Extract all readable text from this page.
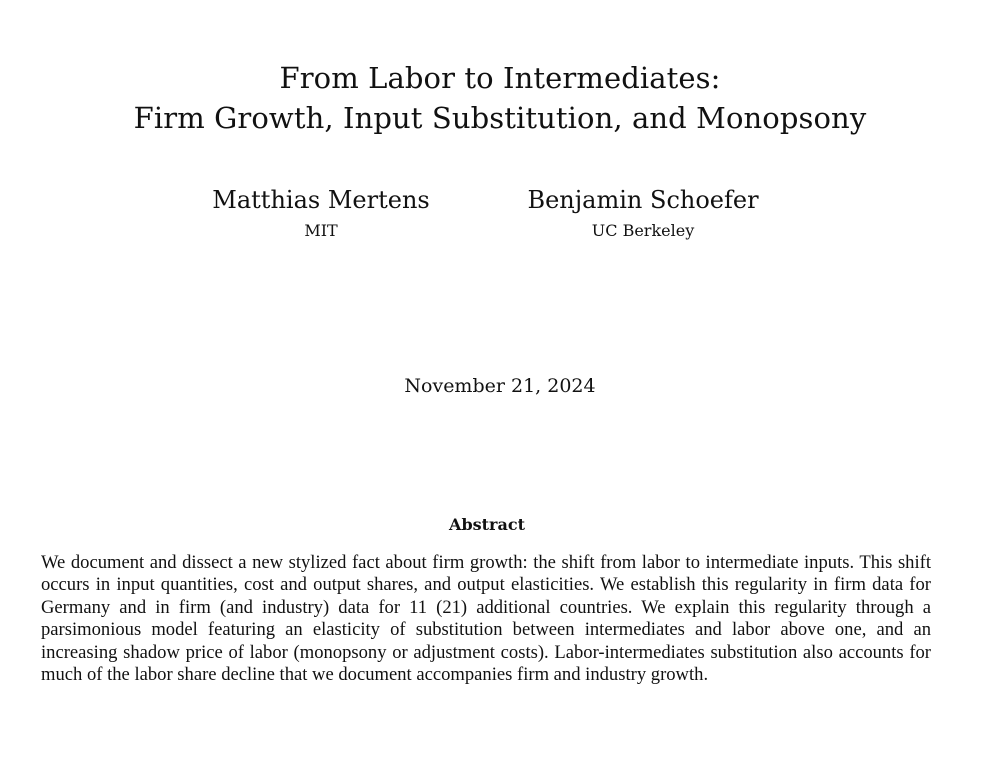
From Labor to Intermediates:
Firm Growth, Input Substitution, and Monopsony
Matthias Mertens
MIT
Benjamin Schoefer
UC Berkeley
November 21, 2024
Abstract

We document and dissect a new stylized fact about firm growth: the shift from labor to intermediate inputs. This shift occurs in input quantities, cost and output shares, and output elasticities. We establish this regularity in firm data for Germany and in firm (and industry) data for 11 (21) additional countries. We explain this regularity through a parsimonious model featuring an elasticity of substitution between intermediates and labor above one, and an increasing shadow price of labor (monopsony or adjustment costs). Labor-intermediates substitution also accounts for much of the labor share decline that we document accompanies firm and industry growth.
